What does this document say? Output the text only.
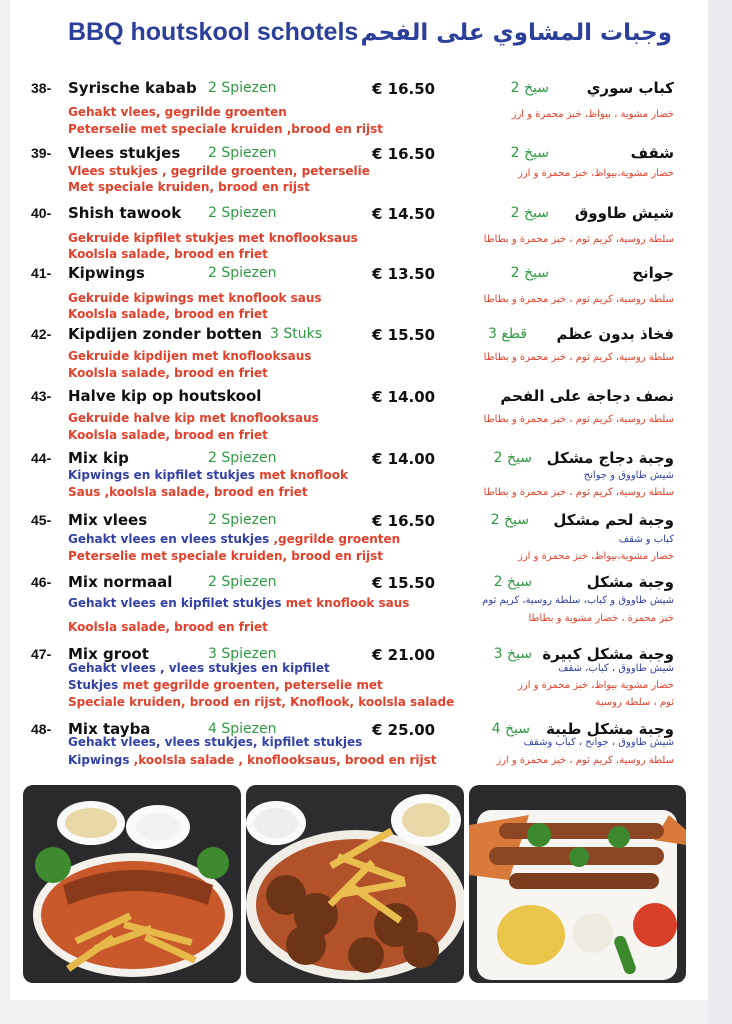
BBQ houtskool schotels وجبات المشاوي على الفحم
38- Syrische kabab 2 Spiezen	€ 16.50
Gehakt vlees, gegrilde groenten
Peterselie met speciale kruiden ,brood en rijst
كباب سوري
سيخ 2
خضار مشوية ، بيواظ، خبز محمرة و ارز
39- Vlees stukjes 2 Spiezen	€ 16.50
Vlees stukjes , gegrilde groenten, peterselie
Met speciale kruiden, brood en rijst
شقف
سيخ 2
خضار مشوية،بيواظ، خبز محمرة و ارز
40- Shish tawook 2 Spiezen	€ 14.50
Gekruide kipfilet stukjes met knoflooksaus
Koolsla salade, brood en friet
شيش طاووق
سيخ 2
سلطة روسية، كريم ثوم ، خبز محمرة و بطاطا
41- Kipwings	2 Spiezen	€ 13.50
Gekruide kipwings met knoflook saus
Koolsla salade, brood en friet
جوانح
سيخ 2
سلطة روسية، كريم ثوم ، خبز محمرة و بطاطا
42- Kipdijen zonder botten 3 Stuks	€ 15.50
Gekruide kipdijen met knoflooksaus
Koolsla salade, brood en friet
فخاذ بدون عظم
قطع 3
سلطة روسية، كريم ثوم ، خبز محمرة و بطاطا
43- Halve kip op houtskool	€ 14.00
Gekruide halve kip met knoflooksaus
Koolsla salade, brood en friet
نصف دجاجة على الفحم
سلطة روسية، كريم ثوم ، خبز محمرة و بطاطا
44- Mix kip	2 Spiezen	€ 14.00
Kipwings en kipfilet stukjes met knoflook
Saus ,koolsla salade, brood en friet
وجبة دجاج مشكل
سيخ 2
شيش طاووق و جوانح
سلطة روسية، كريم ثوم ، خبز محمرة و بطاطا
45- Mix vlees	2 Spiezen	€ 16.50
Gehakt vlees en vlees stukjes ,gegrilde groenten
Peterselie met speciale kruiden, brood en rijst
وجبة لحم مشكل
سيخ 2
كباب و شقف
خضار مشوية،بيواظ، خبز محمرة و ارز
46- Mix normaal	2 Spiezen	€ 15.50
Gehakt vlees en kipfilet stukjes met knoflook saus
Koolsla salade, brood en friet
وجبة مشكل
سيخ 2
شيش طاووق و كباب، سلطة روسية، كريم ثوم
خبز محمرة ، خضار مشوية و بطاطا
47- Mix groot	3 Spiezen	€ 21.00
Gehakt vlees , vlees stukjes en kipfilet
Stukjes met gegrilde groenten, peterselie met
Speciale kruiden, brood en rijst, Knoflook, koolsla salade
وجبة مشكل كبيرة
سيخ 3
شيش طاووق ، كباب، شقف
خضار مشوية بيواظ، خبز محمرة و ارز
ثوم ، سلطة روسية
48- Mix tayba	4 Spiezen	€ 25.00
Gehakt vlees, vlees stukjes, kipfilet stukjes
Kipwings ,koolsla salade , knoflooksaus, brood en rijst
وجبة مشكل طيبة
سيخ 4
شيش طاووق ، جوانح ، كباب وشقف
سلطة روسية، كريم ثوم ، خبز محمرة و ارز
